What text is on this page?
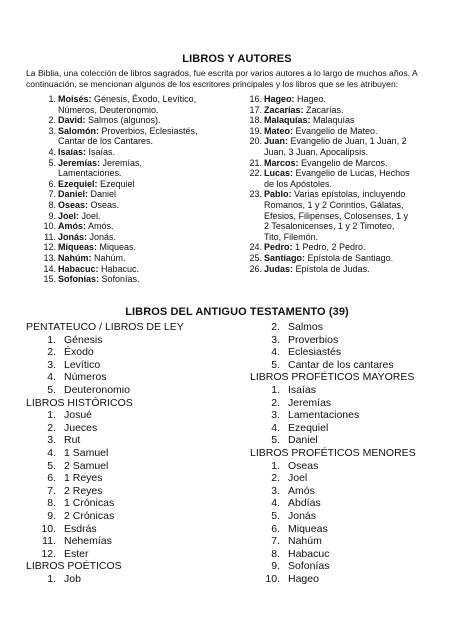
LIBROS Y AUTORES
La Biblia, una colección de libros sagrados, fue escrita por varios autores a lo largo de muchos años. A continuación, se mencionan algunos de los escritores principales y los libros que se les atribuyen:
1. Moisés: Génesis, Éxodo, Levítico,
Números, Deuteronomio.
2. David: Salmos (algunos).
3. Salomón: Proverbios, Eclesiastés,
Cantar de los Cantares.
4. Isaías: Isaías.
5. Jeremías: Jeremías,
Lamentaciones.
6. Ezequiel: Ezequiel
7. Daniel: Daniel
8. Oseas: Oseas.
9. Joel: Joel.
10. Amós: Amós.
11. Jonás: Jonás.
12. Miqueas: Miqueas.
13. Nahúm: Nahúm.
14. Habacuc: Habacuc.
15. Sofonías: Sofonías.
16. Hageo: Hageo.
17. Zacarías: Zacarías.
18. Malaquías: Malaquías
19. Mateo: Evangelio de Mateo.
20. Juan: Evangelio de Juan, 1 Juan, 2
Juan, 3 Juan, Apocalipsis.
21. Marcos: Evangelio de Marcos.
22. Lucas: Evangelio de Lucas, Hechos
de los Apóstoles.
23. Pablo: Varias epístolas, incluyendo
Romanos, 1 y 2 Corintios, Gálatas,
Efesios, Filipenses, Colosenses, 1 y
2 Tesalonicenses, 1 y 2 Timoteo,
Tito, Filemón.
24. Pedro: 1 Pedro, 2 Pedro.
25. Santiago: Epístola de Santiago.
26. Judas: Epístola de Judas.
LIBROS DEL ANTIGUO TESTAMENTO (39)
PENTATEUCO / LIBROS DE LEY
1. Génesis
2. Éxodo
3. Levítico
4. Números
5. Deuteronomio
LIBROS HISTÓRICOS
1. Josué
2. Jueces
3. Rut
4. 1 Samuel
5. 2 Samuel
6. 1 Reyes
7. 2 Reyes
8. 1 Crónicas
9. 2 Crónicas
10. Esdrás
11. Nehemías
12. Ester
LIBROS POÉTICOS
1. Job
2. Salmos
3. Proverbios
4. Eclesiastés
5. Cantar de los cantares
LIBROS PROFÉTICOS MAYORES
1. Isaías
2. Jeremías
3. Lamentaciones
4. Ezequiel
5. Daniel
LIBROS PROFÉTICOS MENORES
1. Oseas
2. Joel
3. Amós
4. Abdías
5. Jonás
6. Miqueas
7. Nahúm
8. Habacuc
9. Sofonías
10. Hageo
